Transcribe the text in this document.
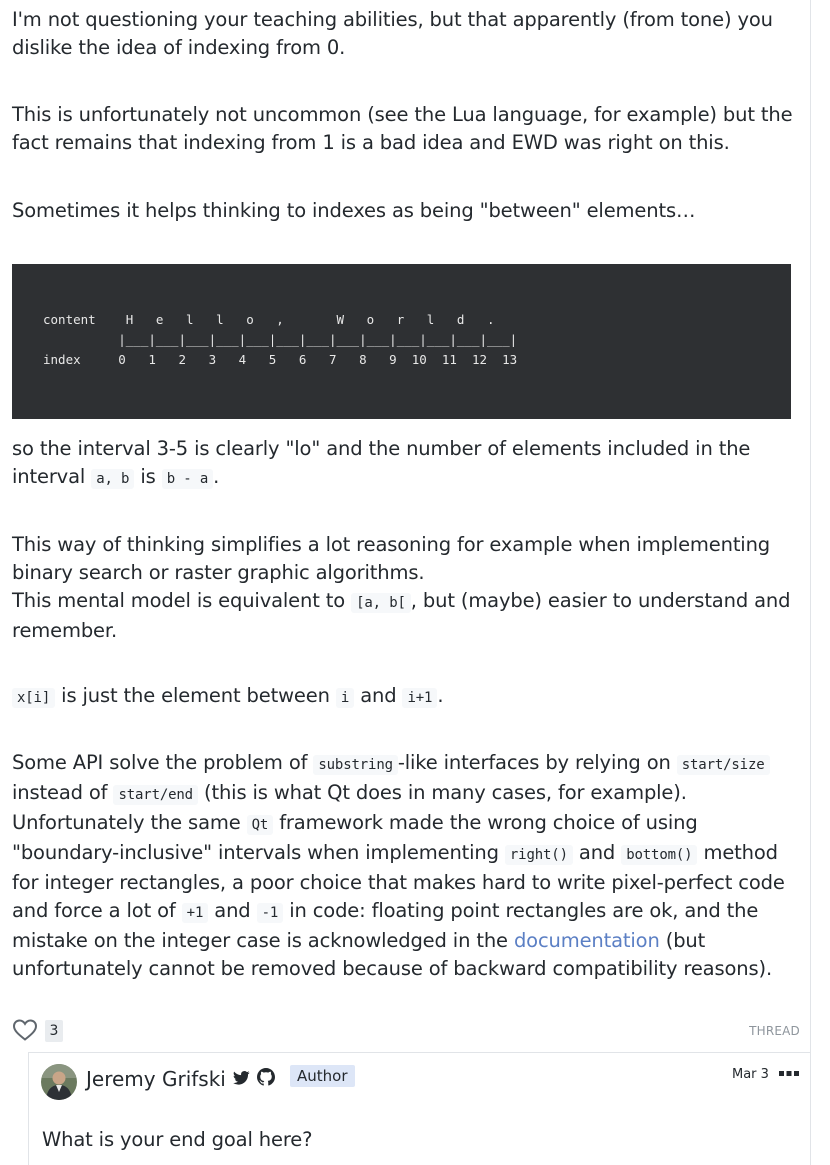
I'm not questioning your teaching abilities, but that apparently (from tone) you dislike the idea of indexing from 0.

This is unfortunately not uncommon (see the Lua language, for example) but the fact remains that indexing from 1 is a bad idea and EWD was right on this.

Sometimes it helps thinking to indexes as being "between" elements…

so the interval 3-5 is clearly "lo" and the number of elements included in the interval a, b is b - a .

This way of thinking simplifies a lot reasoning for example when implementing binary search or raster graphic algorithms.
This mental model is equivalent to [a, b[ , but (maybe) easier to understand and remember.

x[i] is just the element between i and i+1 .

Some API solve the problem of substring -like interfaces by relying on start/size instead of start/end (this is what Qt does in many cases, for example). Unfortunately the same Qt framework made the wrong choice of using "boundary-inclusive" intervals when implementing right() and bottom() method for integer rectangles, a poor choice that makes hard to write pixel-perfect code and force a lot of +1 and -1 in code: floating point rectangles are ok, and the mistake on the integer case is acknowledged in the documentation (but unfortunately cannot be removed because of backward compatibility reasons).

content    H   e   l   l   o   ,       W   o   r   l   d   .
|___|___|___|___|___|___|___|___|___|___|___|___|___|
index     0   1   2   3   4   5   6   7   8   9  10  11  12  13
3	THREAD
Jeremy Grifski	Author	Mar 3

What is your end goal here?
